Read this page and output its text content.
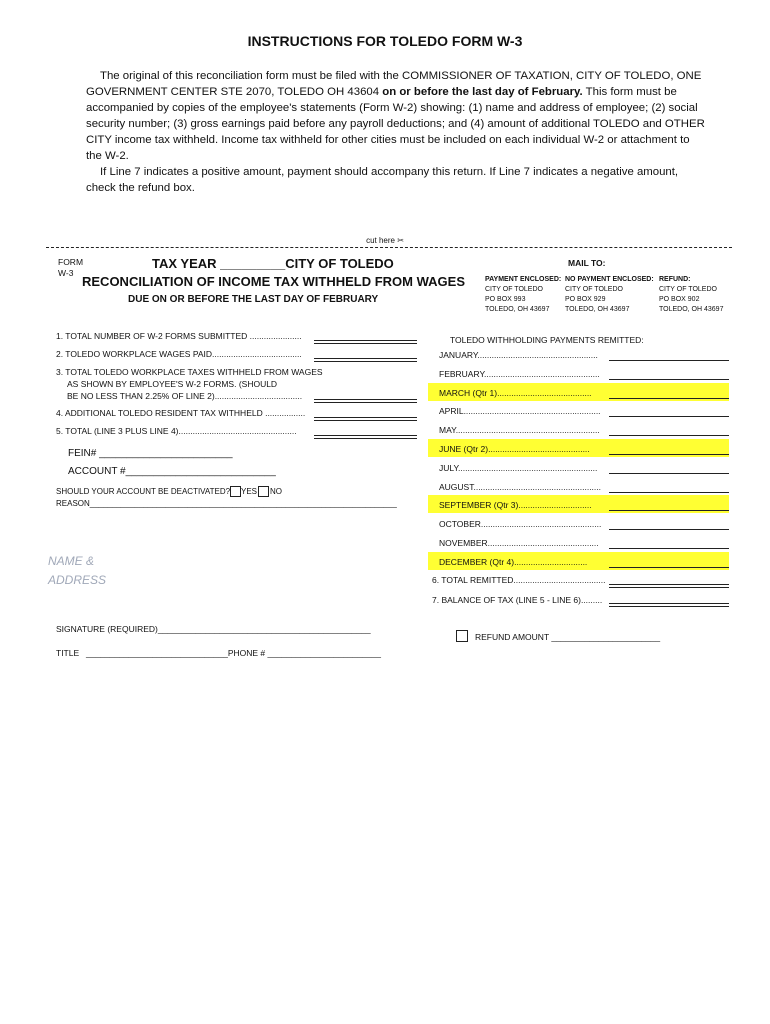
INSTRUCTIONS FOR TOLEDO FORM W-3

The original of this reconciliation form must be filed with the COMMISSIONER OF TAXATION, CITY OF TOLEDO, ONE GOVERNMENT CENTER STE 2070, TOLEDO OH 43604 on or before the last day of February. This form must be accompanied by copies of the employee's statements (Form W-2) showing: (1) name and address of employee; (2) social security number; (3) gross earnings paid before any payroll deductions; and (4) amount of additional TOLEDO and OTHER CITY income tax withheld. Income tax withheld for other cities must be included on each individual W-2 or attachment to the W-2.

If Line 7 indicates a positive amount, payment should accompany this return. If Line 7 indicates a negative amount, check the refund box.

cut here ✂
FORM
W-3
TAX YEAR _________CITY OF TOLEDO
RECONCILIATION OF INCOME TAX WITHHELD FROM WAGES
DUE ON OR BEFORE THE LAST DAY OF FEBRUARY
MAIL TO:
PAYMENT ENCLOSED:
CITY OF TOLEDO
PO BOX 993
TOLEDO, OH 43697
NO PAYMENT ENCLOSED:
CITY OF TOLEDO
PO BOX 929
TOLEDO, OH 43697
REFUND:
CITY OF TOLEDO
PO BOX 902
TOLEDO, OH 43697
1. TOTAL NUMBER OF W-2 FORMS SUBMITTED ......................
2. TOLEDO WORKPLACE WAGES PAID......................................
3. TOTAL TOLEDO WORKPLACE TAXES WITHHELD FROM WAGES
AS SHOWN BY EMPLOYEE'S W-2 FORMS. (SHOULD
BE NO LESS THAN 2.25% OF LINE 2).....................................
4. ADDITIONAL TOLEDO RESIDENT TAX WITHHELD .................
5. TOTAL (LINE 3 PLUS LINE 4)..................................................
FEIN# ________________________
ACCOUNT #___________________________
SHOULD YOUR ACCOUNT BE DEACTIVATED? YES NO
REASON_____________________________________________________________________
NAME &
ADDRESS
SIGNATURE (REQUIRED)_____________________________________________
TITLE ______________________________PHONE # ________________________
TOLEDO WITHHOLDING PAYMENTS REMITTED:
JANUARY...................................................
FEBRUARY.................................................
MARCH (Qtr 1)........................................
APRIL..........................................................
MAY.............................................................
JUNE (Qtr 2)...........................................
JULY...........................................................
AUGUST......................................................
SEPTEMBER (Qtr 3)...............................
OCTOBER...................................................
NOVEMBER...............................................
DECEMBER (Qtr 4)...............................
6. TOTAL REMITTED.......................................
7. BALANCE OF TAX (LINE 5 - LINE 6).........
REFUND AMOUNT _______________________
